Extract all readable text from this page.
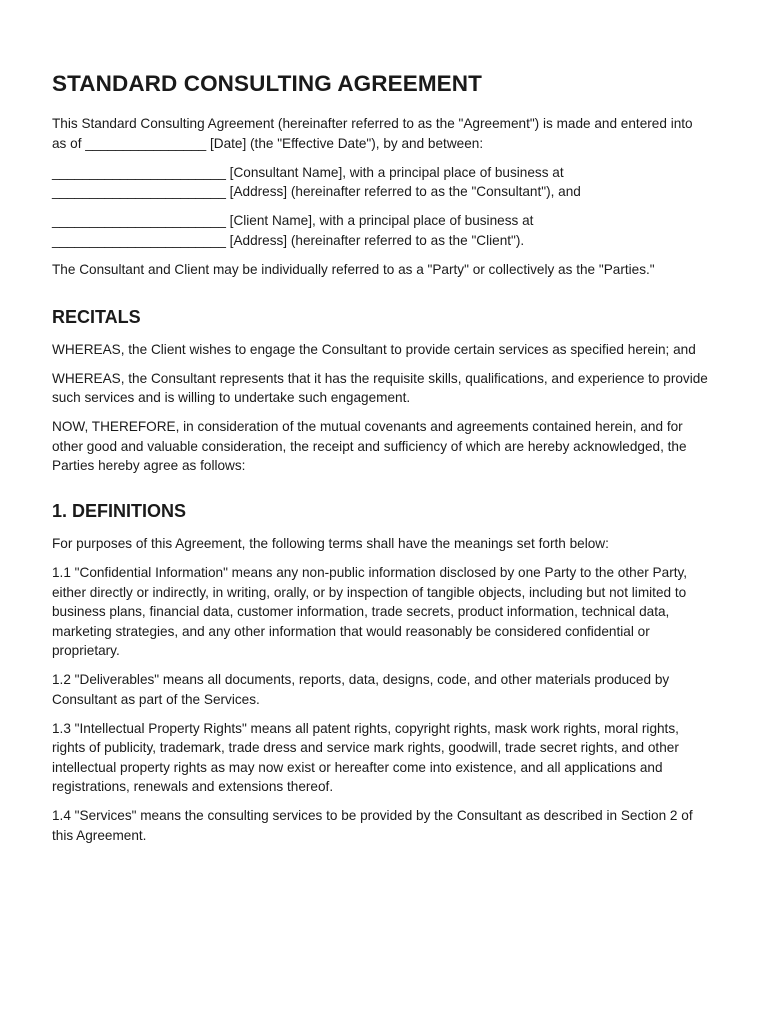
STANDARD CONSULTING AGREEMENT

This Standard Consulting Agreement (hereinafter referred to as the "Agreement") is made and entered into as of ________________ [Date] (the "Effective Date"), by and between:

_______________________ [Consultant Name], with a principal place of business at _______________________ [Address] (hereinafter referred to as the "Consultant"), and

_______________________ [Client Name], with a principal place of business at _______________________ [Address] (hereinafter referred to as the "Client").

The Consultant and Client may be individually referred to as a "Party" or collectively as the "Parties."

RECITALS

WHEREAS, the Client wishes to engage the Consultant to provide certain services as specified herein; and

WHEREAS, the Consultant represents that it has the requisite skills, qualifications, and experience to provide such services and is willing to undertake such engagement.

NOW, THEREFORE, in consideration of the mutual covenants and agreements contained herein, and for other good and valuable consideration, the receipt and sufficiency of which are hereby acknowledged, the Parties hereby agree as follows:

1. DEFINITIONS

For purposes of this Agreement, the following terms shall have the meanings set forth below:

1.1 "Confidential Information" means any non-public information disclosed by one Party to the other Party, either directly or indirectly, in writing, orally, or by inspection of tangible objects, including but not limited to business plans, financial data, customer information, trade secrets, product information, technical data, marketing strategies, and any other information that would reasonably be considered confidential or proprietary.

1.2 "Deliverables" means all documents, reports, data, designs, code, and other materials produced by Consultant as part of the Services.

1.3 "Intellectual Property Rights" means all patent rights, copyright rights, mask work rights, moral rights, rights of publicity, trademark, trade dress and service mark rights, goodwill, trade secret rights, and other intellectual property rights as may now exist or hereafter come into existence, and all applications and registrations, renewals and extensions thereof.

1.4 "Services" means the consulting services to be provided by the Consultant as described in Section 2 of this Agreement.
